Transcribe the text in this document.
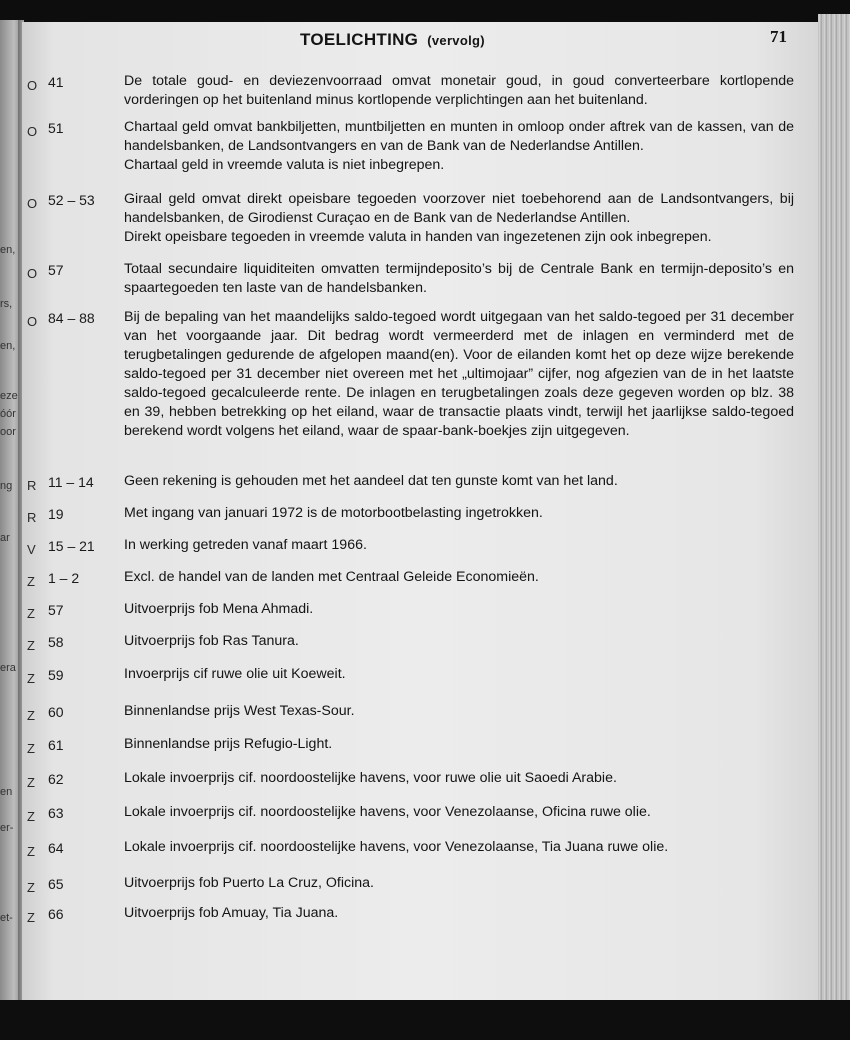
TOELICHTING (vervolg)	71
en,
rs,
en,
eze
óór
oor
ng
ar
era
en
er-
et-
O 41	De totale goud- en deviezenvoorraad omvat monetair goud, in goud converteerbare kortlopende vorderingen op het buitenland minus kortlopende verplichtingen aan het buitenland.
O 51	Chartaal geld omvat bankbiljetten, muntbiljetten en munten in omloop onder aftrek van de kassen, van de handelsbanken, de Landsontvangers en van de Bank van de Nederlandse Antillen.
Chartaal geld in vreemde valuta is niet inbegrepen.
O 52 – 53 Giraal geld omvat direkt opeisbare tegoeden voorzover niet toebehorend aan de Landsontvangers, bij handelsbanken, de Girodienst Curaçao en de Bank van de Nederlandse Antillen.
Direkt opeisbare tegoeden in vreemde valuta in handen van ingezetenen zijn ook inbegrepen.
O 57	Totaal secundaire liquiditeiten omvatten termijndeposito’s bij de Centrale Bank en termijn-deposito’s en spaartegoeden ten laste van de handelsbanken.
O 84 – 88 Bij de bepaling van het maandelijks saldo-tegoed wordt uitgegaan van het saldo-tegoed per 31 december van het voorgaande jaar. Dit bedrag wordt vermeerderd met de inlagen en verminderd met de terugbetalingen gedurende de afgelopen maand(en). Voor de eilanden komt het op deze wijze berekende saldo-tegoed per 31 december niet overeen met het „ultimojaar” cijfer, nog afgezien van de in het laatste saldo-tegoed gecalculeerde rente. De inlagen en terugbetalingen zoals deze gegeven worden op blz. 38 en 39, hebben betrekking op het eiland, waar de transactie plaats vindt, terwijl het jaarlijkse saldo-tegoed berekend wordt volgens het eiland, waar de spaar-bank-boekjes zijn uitgegeven.
R 11 – 14 Geen rekening is gehouden met het aandeel dat ten gunste komt van het land.
R 19	Met ingang van januari 1972 is de motorbootbelasting ingetrokken.
V 15 – 21 In werking getreden vanaf maart 1966.
Z 1 – 2	Excl. de handel van de landen met Centraal Geleide Economieën.
Z 57	Uitvoerprijs fob Mena Ahmadi.
Z 58	Uitvoerprijs fob Ras Tanura.
Z 59	Invoerprijs cif ruwe olie uit Koeweit.
Z 60	Binnenlandse prijs West Texas-Sour.
Z 61	Binnenlandse prijs Refugio-Light.
Z 62	Lokale invoerprijs cif. noordoostelijke havens, voor ruwe olie uit Saoedi Arabie.
Z 63	Lokale invoerprijs cif. noordoostelijke havens, voor Venezolaanse, Oficina ruwe olie.
Z 64	Lokale invoerprijs cif. noordoostelijke havens, voor Venezolaanse, Tia Juana ruwe olie.
Z 65	Uitvoerprijs fob Puerto La Cruz, Oficina.
Z 66	Uitvoerprijs fob Amuay, Tia Juana.
